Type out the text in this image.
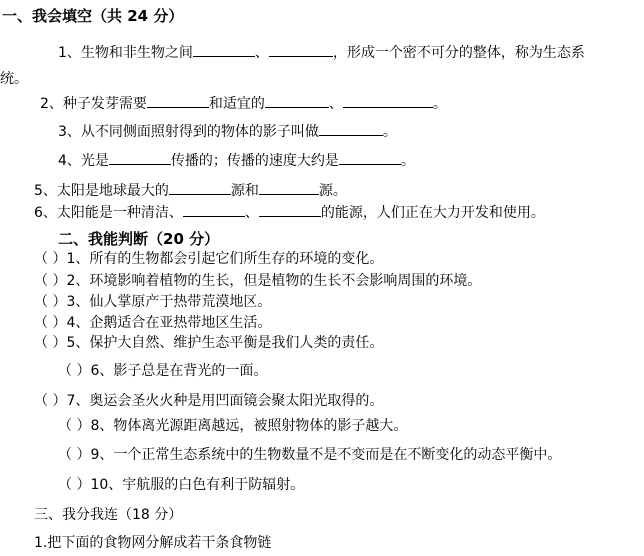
一、我会填空（共 24 分）
1、生物和非生物之间	、	，形成一个密不可分的整体，称为生态系
统。
2、种子发芽需要	和适宜的	、	。
3、从不同侧面照射得到的物体的影子叫做	。
4、光是	传播的；传播的速度大约是	。
5、太阳是地球最大的	源和	源。
6、太阳能是一种清洁、	、	的能源，人们正在大力开发和使用。
二、我能判断（20 分）
（ ）1、所有的生物都会引起它们所生存的环境的变化。
（ ）2、环境影响着植物的生长，但是植物的生长不会影响周围的环境。
（ ）3、仙人掌原产于热带荒漠地区。
（ ）4、企鹅适合在亚热带地区生活。
（ ）5、保护大自然、维护生态平衡是我们人类的责任。
（ ）6、影子总是在背光的一面。
（ ）7、奥运会圣火火种是用凹面镜会聚太阳光取得的。
（ ）8、物体离光源距离越远，被照射物体的影子越大。
（ ）9、一个正常生态系统中的生物数量不是不变而是在不断变化的动态平衡中。
（ ）10、宇航服的白色有利于防辐射。
三、我分我连（18 分）
1.把下面的食物网分解成若干条食物链
